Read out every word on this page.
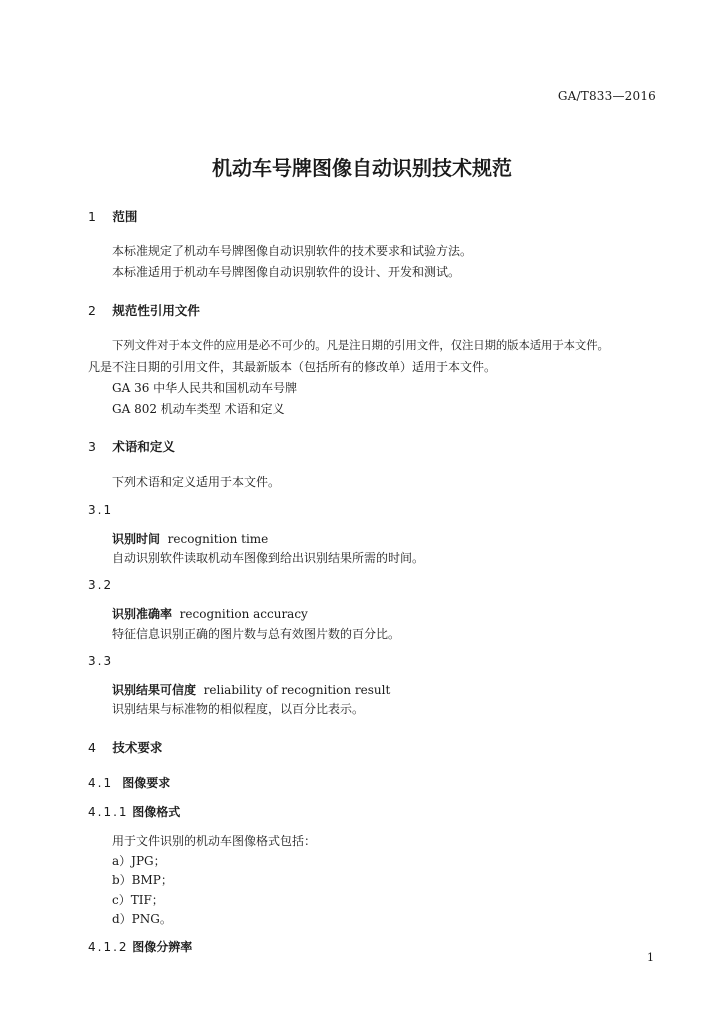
GA/T833—2016
机动车号牌图像自动识别技术规范
1 范围
本标准规定了机动车号牌图像自动识别软件的技术要求和试验方法。
本标准适用于机动车号牌图像自动识别软件的设计、开发和测试。
2 规范性引用文件
下列文件对于本文件的应用是必不可少的。凡是注日期的引用文件，仅注日期的版本适用于本文件。
凡是不注日期的引用文件，其最新版本（包括所有的修改单）适用于本文件。
GA 36 中华人民共和国机动车号牌
GA 802 机动车类型 术语和定义
3 术语和定义
下列术语和定义适用于本文件。
3.1
识别时间 recognition time
自动识别软件读取机动车图像到给出识别结果所需的时间。
3.2
识别准确率 recognition accuracy
特征信息识别正确的图片数与总有效图片数的百分比。
3.3
识别结果可信度 reliability of recognition result
识别结果与标准物的相似程度，以百分比表示。
4 技术要求
4.1 图像要求
4.1.1 图像格式
用于文件识别的机动车图像格式包括：
a）JPG；
b）BMP；
c）TIF；
d）PNG。
4.1.2 图像分辨率
1
